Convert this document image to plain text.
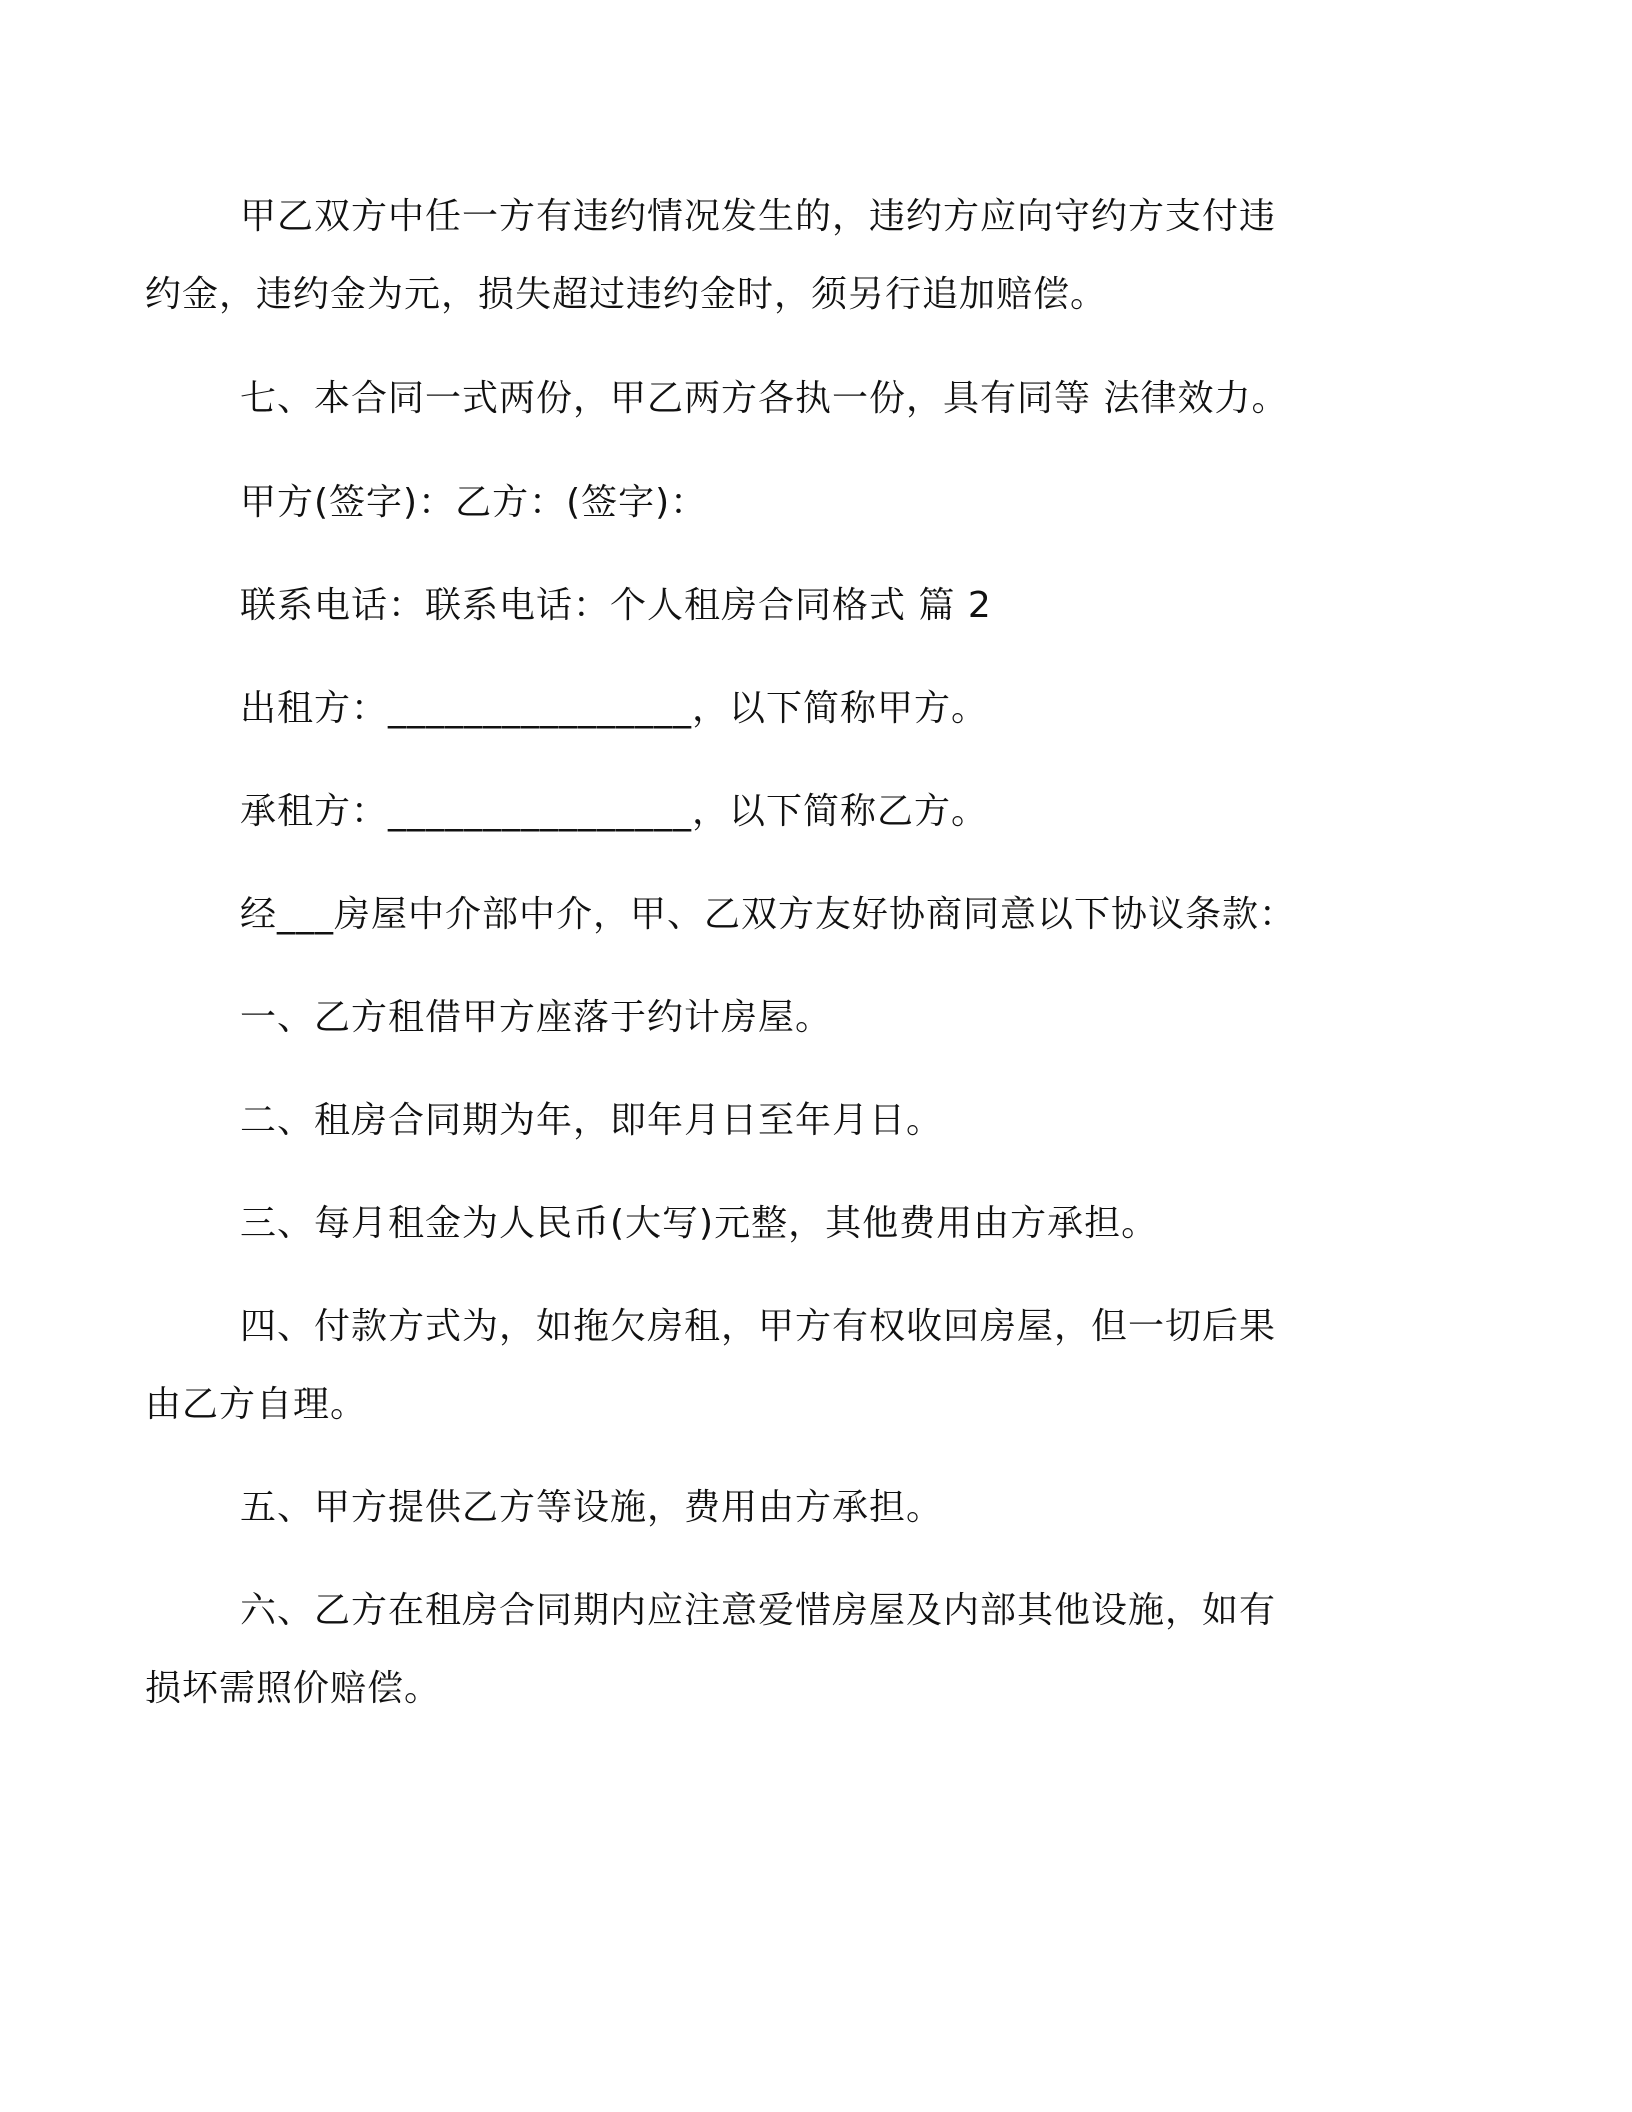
甲乙双方中任一方有违约情况发生的，违约方应向守约方支付违
约金，违约金为元，损失超过违约金时，须另行追加赔偿。
七、本合同一式两份，甲乙两方各执一份，具有同等 法律效力。
甲方(签字)：乙方：(签字)：
联系电话：联系电话：个人租房合同格式 篇 2
出租方：________________，以下简称甲方。
承租方：________________，以下简称乙方。
经___房屋中介部中介，甲、乙双方友好协商同意以下协议条款：
一、乙方租借甲方座落于约计房屋。
二、租房合同期为年，即年月日至年月日。
三、每月租金为人民币(大写)元整，其他费用由方承担。
四、付款方式为，如拖欠房租，甲方有权收回房屋，但一切后果
由乙方自理。
五、甲方提供乙方等设施，费用由方承担。
六、乙方在租房合同期内应注意爱惜房屋及内部其他设施，如有
损坏需照价赔偿。
